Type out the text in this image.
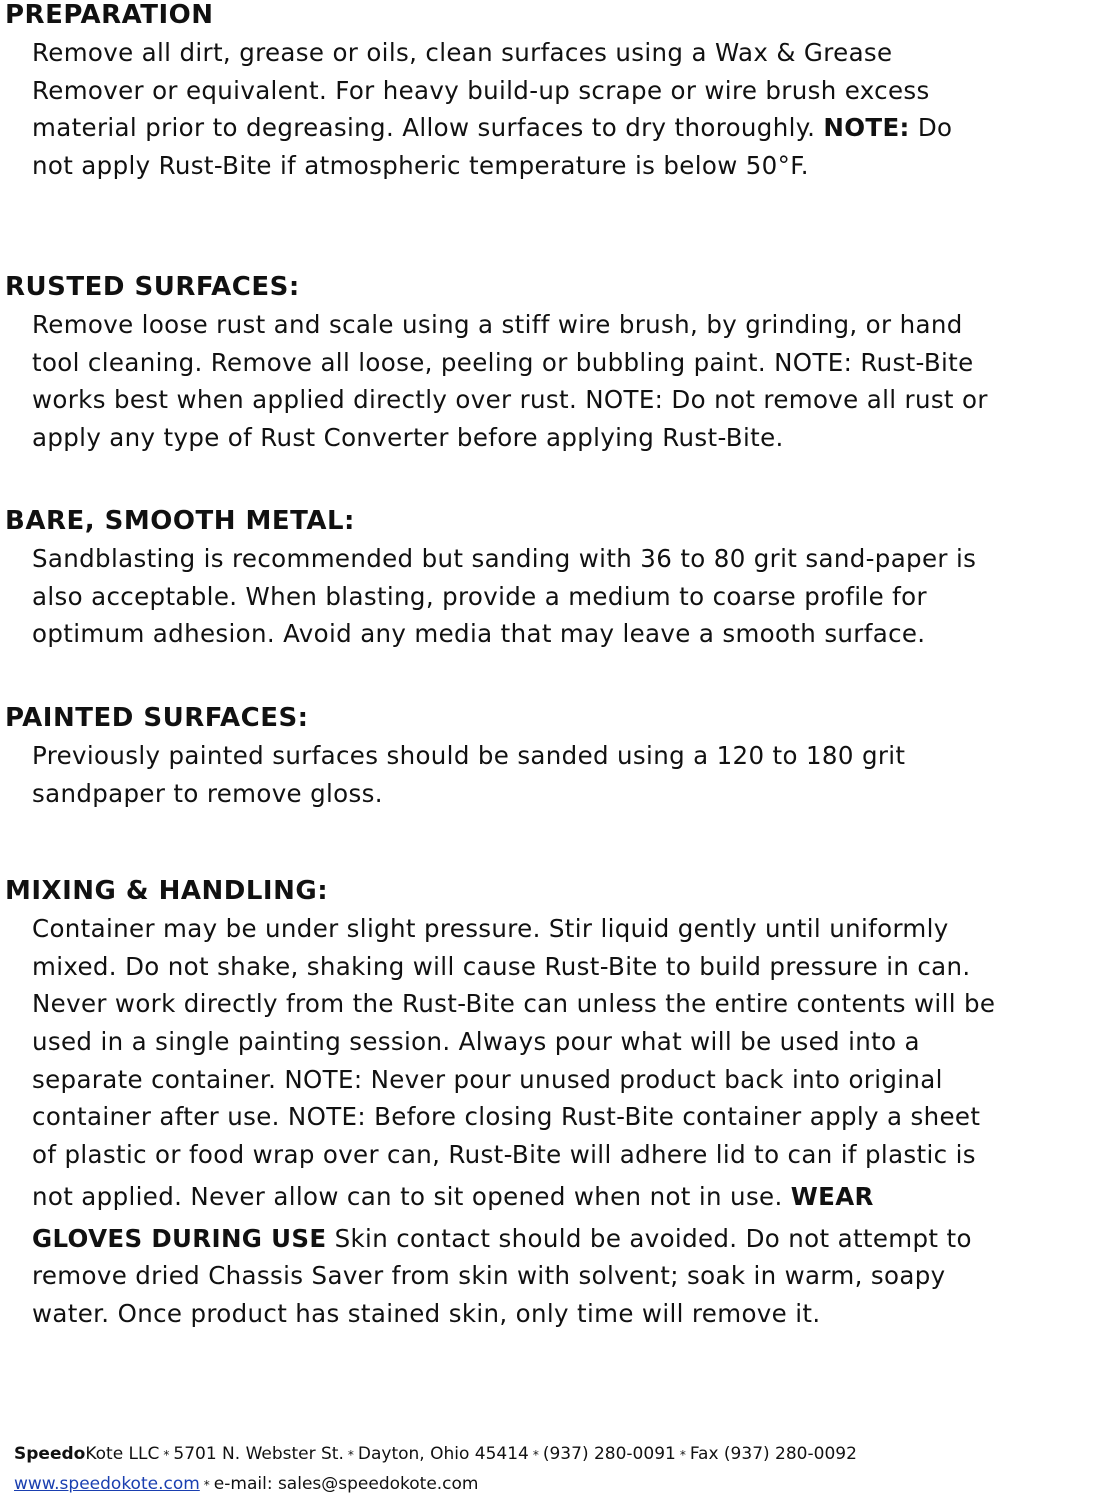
PREPARATION

Remove all dirt, grease or oils, clean surfaces using a Wax & Grease
Remover or equivalent. For heavy build-up scrape or wire brush excess
material prior to degreasing. Allow surfaces to dry thoroughly. NOTE: Do
not apply Rust-Bite if atmospheric temperature is below 50°F.

RUSTED SURFACES:

Remove loose rust and scale using a stiff wire brush, by grinding, or hand
tool cleaning. Remove all loose, peeling or bubbling paint. NOTE: Rust-Bite
works best when applied directly over rust. NOTE: Do not remove all rust or
apply any type of Rust Converter before applying Rust-Bite.

BARE, SMOOTH METAL:

Sandblasting is recommended but sanding with 36 to 80 grit sand-paper is
also acceptable. When blasting, provide a medium to coarse profile for
optimum adhesion. Avoid any media that may leave a smooth surface.

PAINTED SURFACES:

Previously painted surfaces should be sanded using a 120 to 180 grit
sandpaper to remove gloss.

MIXING & HANDLING:

Container may be under slight pressure. Stir liquid gently until uniformly
mixed. Do not shake, shaking will cause Rust-Bite to build pressure in can.
Never work directly from the Rust-Bite can unless the entire contents will be
used in a single painting session. Always pour what will be used into a
separate container. NOTE: Never pour unused product back into original
container after use. NOTE: Before closing Rust-Bite container apply a sheet
of plastic or food wrap over can, Rust-Bite will adhere lid to can if plastic is
not applied. Never allow can to sit opened when not in use. WEAR
GLOVES DURING USE Skin contact should be avoided. Do not attempt to
remove dried Chassis Saver from skin with solvent; soak in warm, soapy
water. Once product has stained skin, only time will remove it.

SpeedoKote LLC * 5701 N. Webster St. * Dayton, Ohio 45414 * (937) 280-0091 * Fax (937) 280-0092

www.speedokote.com * e-mail: sales@speedokote.com
